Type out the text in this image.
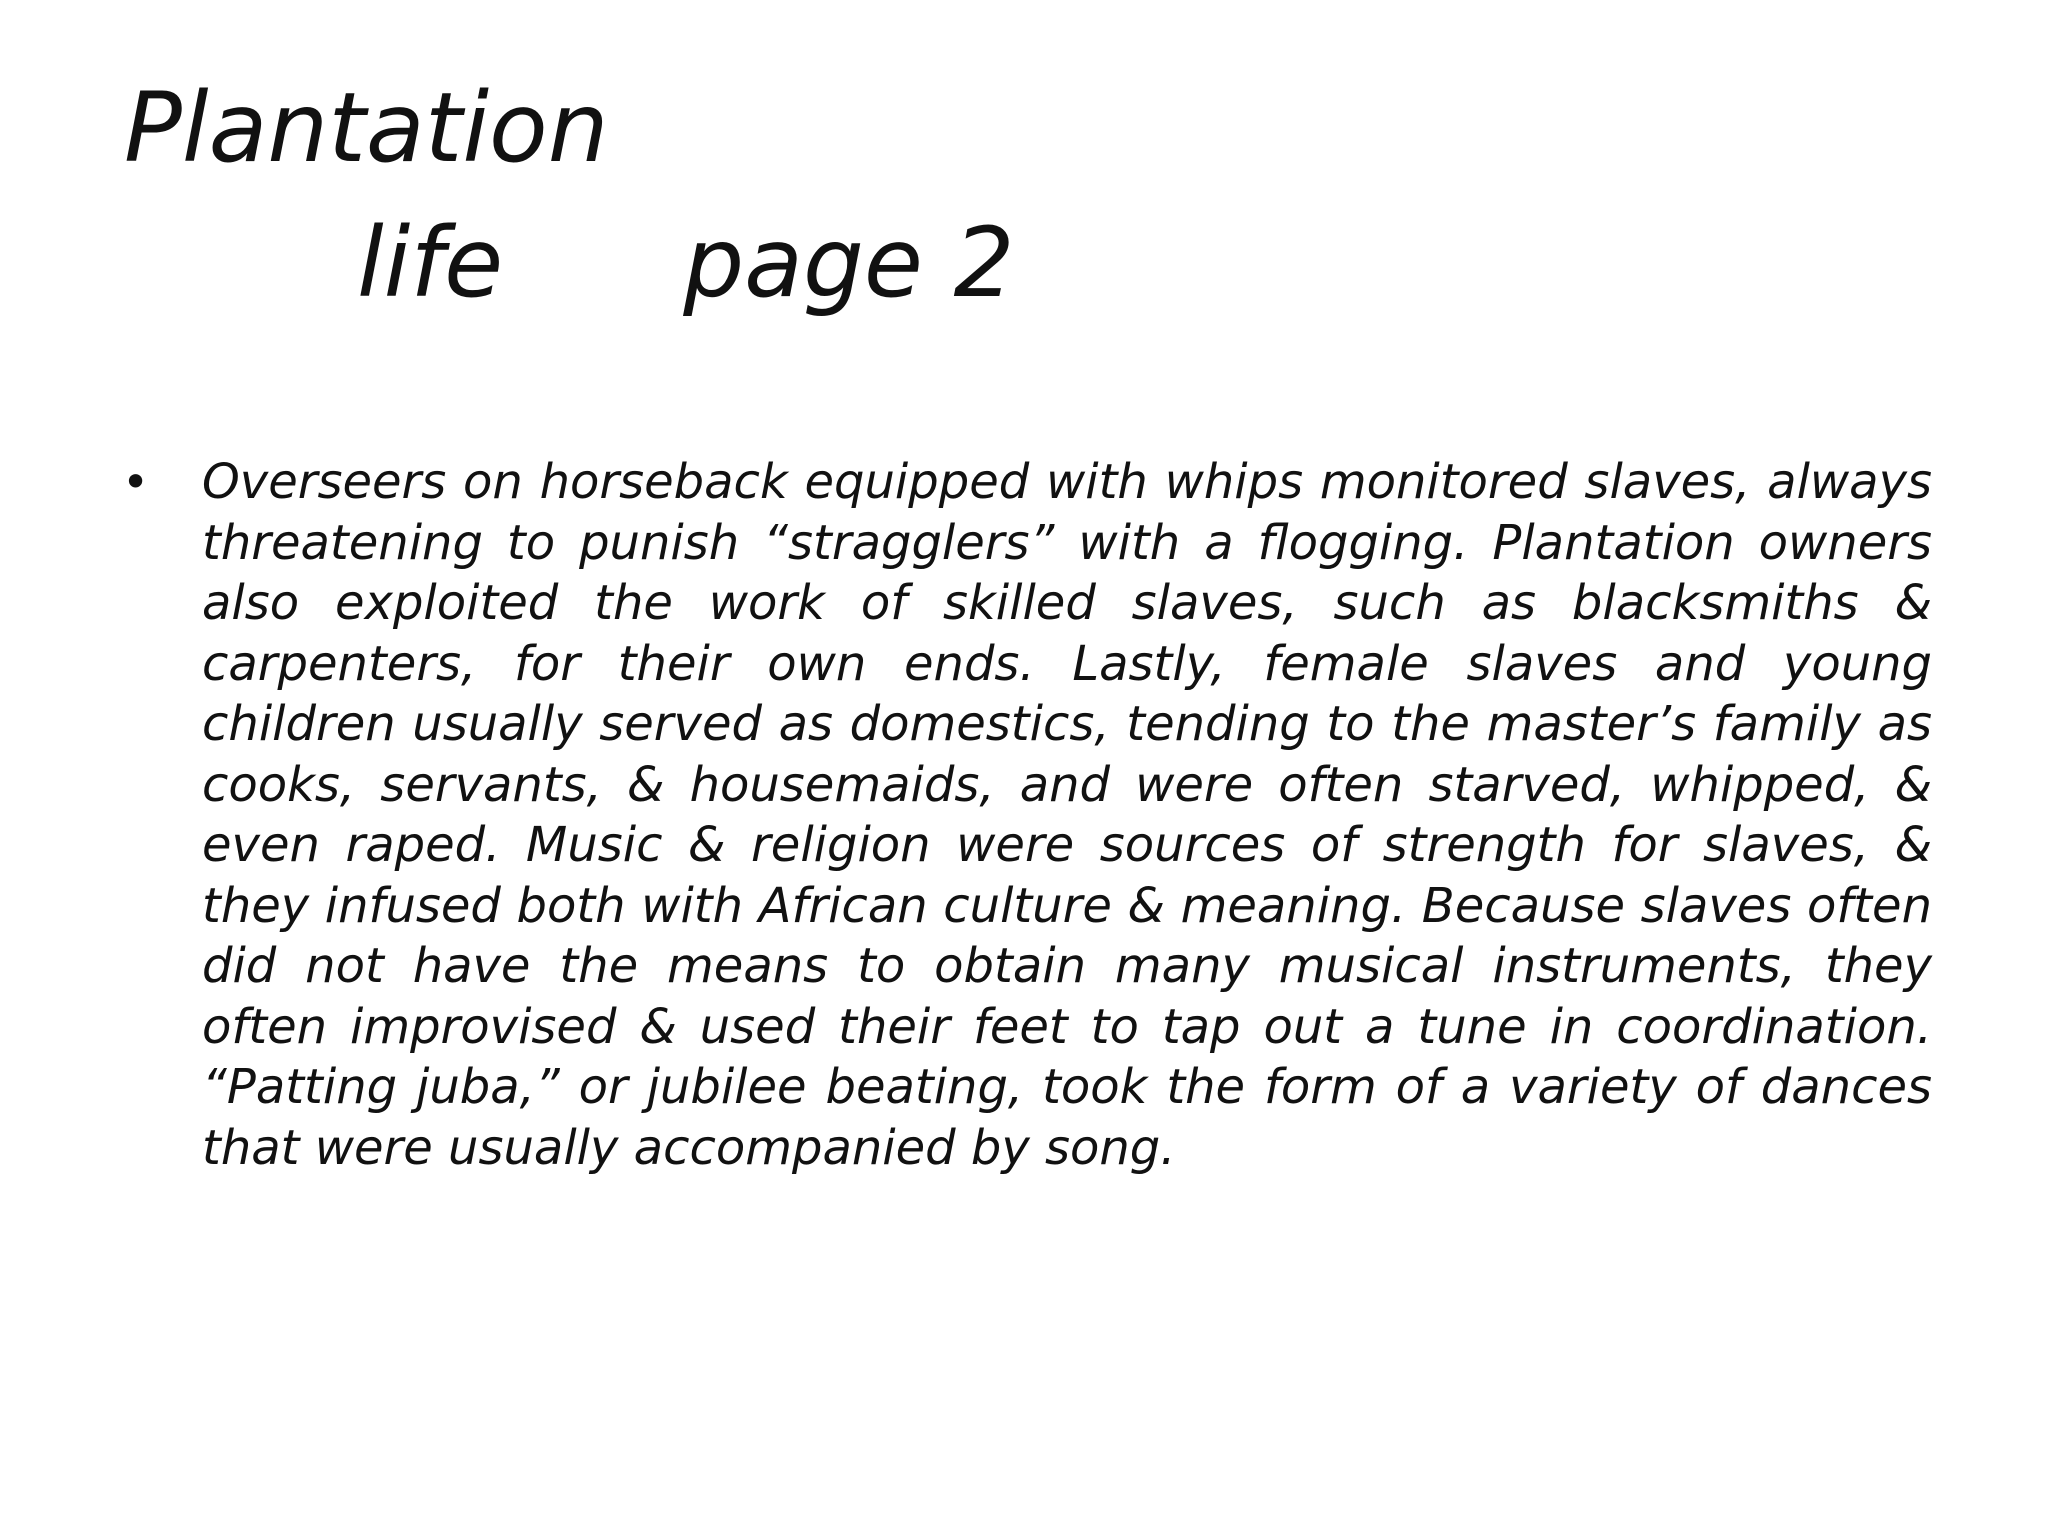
Plantation
life page 2
• Overseers on horseback equipped with whips monitored slaves, always threatening to punish “stragglers” with a flogging. Plantation owners also exploited the work of skilled slaves, such as blacksmiths & carpenters, for their own ends. Lastly, female slaves and young children usually served as domestics, tending to the master’s family as cooks, servants, & housemaids, and were often starved, whipped, & even raped. Music & religion were sources of strength for slaves, & they infused both with African culture & meaning. Because slaves often did not have the means to obtain many musical instruments, they often improvised & used their feet to tap out a tune in coordination. “Patting juba,” or jubilee beating, took the form of a variety of dances that were usually accompanied by song.
